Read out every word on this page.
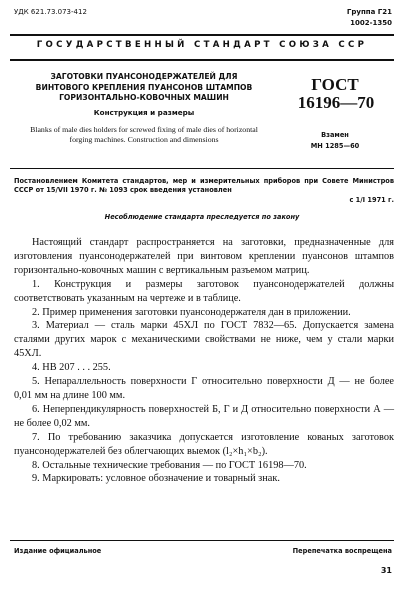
УДК 621.73.073-412	Группа Г21
1002-1350
ГОСУДАРСТВЕННЫЙ СТАНДАРТ СОЮЗА ССР
ЗАГОТОВКИ ПУАНСОНОДЕРЖАТЕЛЕЙ ДЛЯ ВИНТОВОГО КРЕПЛЕНИЯ ПУАНСОНОВ ШТАМПОВ ГОРИЗОНТАЛЬНО-КОВОЧНЫХ МАШИН
Конструкция и размеры
Blanks of male dies holders for screwed fixing of male dies of horizontal forging machines. Construction and dimensions
ГОСТ
16196—70
Взамен
МН 1285—60
Постановлением Комитета стандартов, мер и измерительных приборов при Совете Министров СССР от 15/VII 1970 г. № 1093 срок введения установлен
с 1/I 1971 г.
Несоблюдение стандарта преследуется по закону

Настоящий стандарт распространяется на заготовки, предназначенные для изготовления пуансонодержателей при винтовом креплении пуансонов штампов горизонтально-ковочных машин с вертикальным разъемом матриц.

1. Конструкция и размеры заготовок пуансонодержателей должны соответствовать указанным на чертеже и в таблице.

2. Пример применения заготовки пуансонодержателя дан в приложении.

3. Материал — сталь марки 45ХЛ по ГОСТ 7832—65. Допускается замена сталями других марок с механическими свойствами не ниже, чем у стали марки 45ХЛ.

4. НВ 207 . . . 255.

5. Непараллельность поверхности Г относительно поверхности Д — не более 0,01 мм на длине 100 мм.

6. Неперпендикулярность поверхностей Б, Г и Д относительно поверхности А — не более 0,02 мм.

7. По требованию заказчика допускается изготовление кованых заготовок пуансонодержателей без облегчающих выемок (l₂×h₁×b₂).

8. Остальные технические требования — по ГОСТ 16198—70.

9. Маркировать: условное обозначение и товарный знак.

Издание официальное	Перепечатка воспрещена
31
